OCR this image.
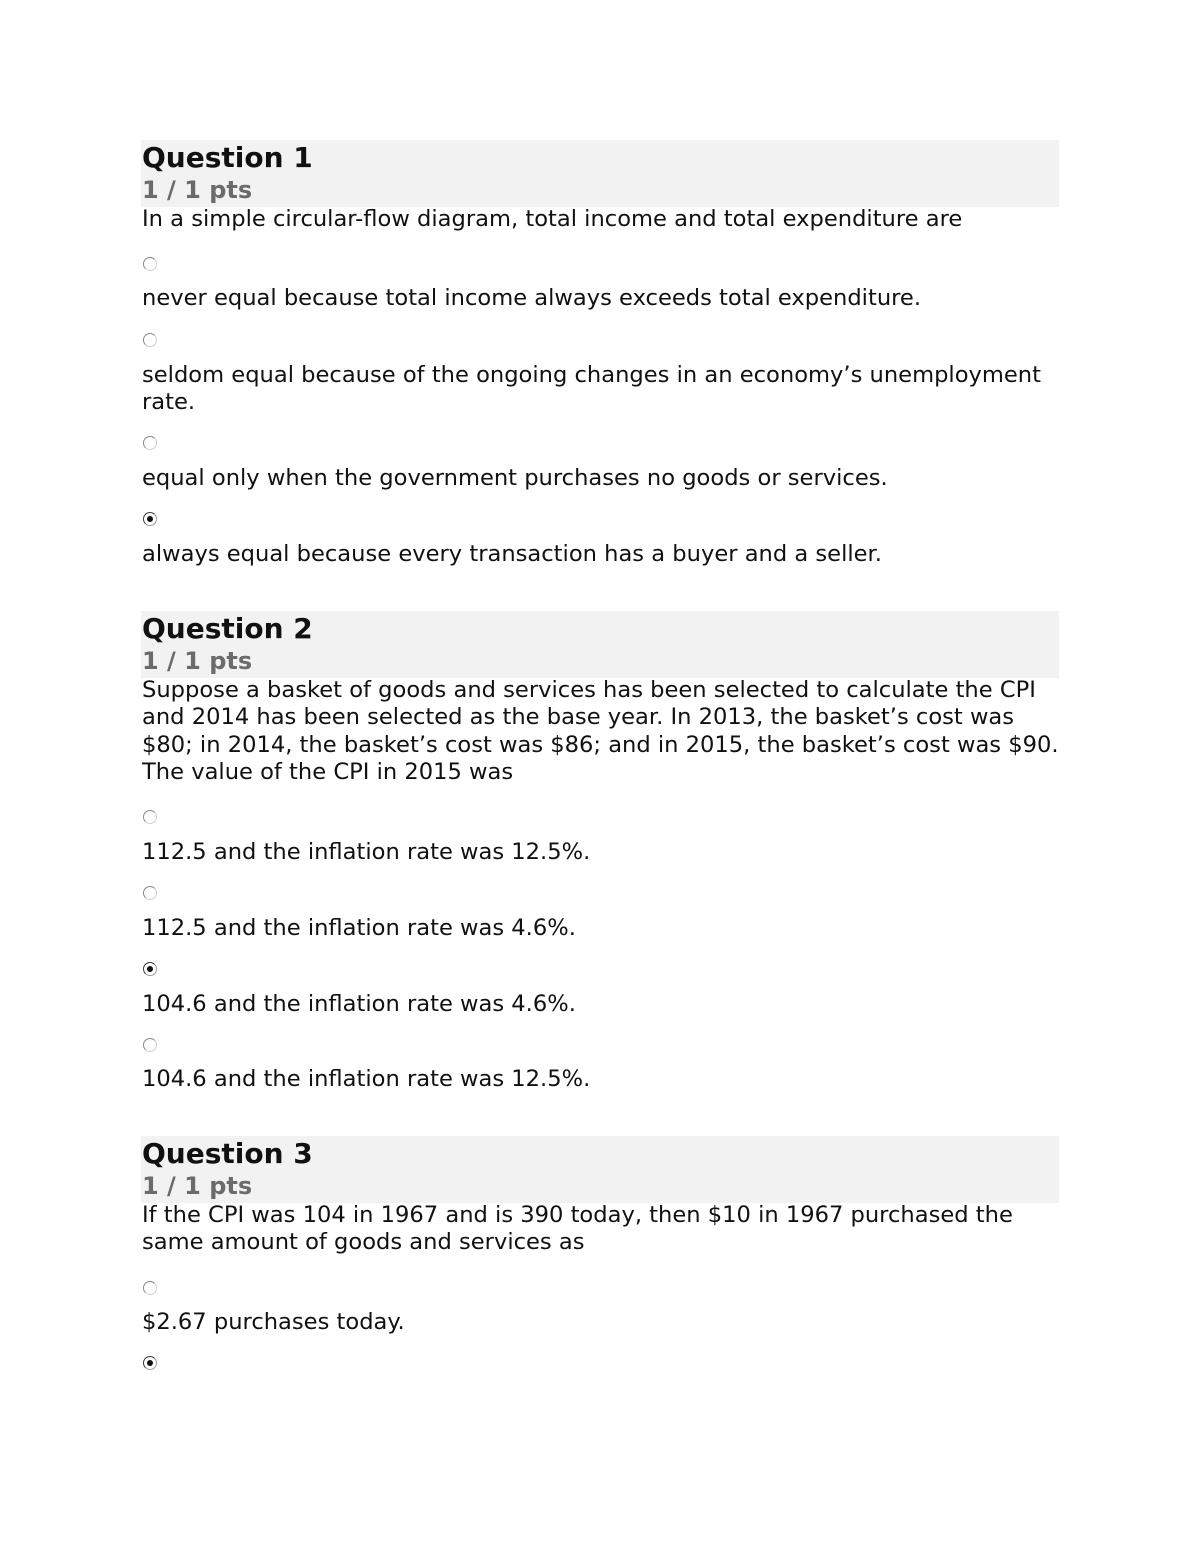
Question 1
1 / 1 pts

In a simple circular-flow diagram, total income and total expenditure are

never equal because total income always exceeds total expenditure.

seldom equal because of the ongoing changes in an economy’s unemployment rate.

equal only when the government purchases no goods or services.

always equal because every transaction has a buyer and a seller.

Question 2
1 / 1 pts

Suppose a basket of goods and services has been selected to calculate the CPI and 2014 has been selected as the base year. In 2013, the basket’s cost was $80; in 2014, the basket’s cost was $86; and in 2015, the basket’s cost was $90. The value of the CPI in 2015 was

112.5 and the inflation rate was 12.5%.

112.5 and the inflation rate was 4.6%.

104.6 and the inflation rate was 4.6%.

104.6 and the inflation rate was 12.5%.

Question 3
1 / 1 pts

If the CPI was 104 in 1967 and is 390 today, then $10 in 1967 purchased the same amount of goods and services as

$2.67 purchases today.
